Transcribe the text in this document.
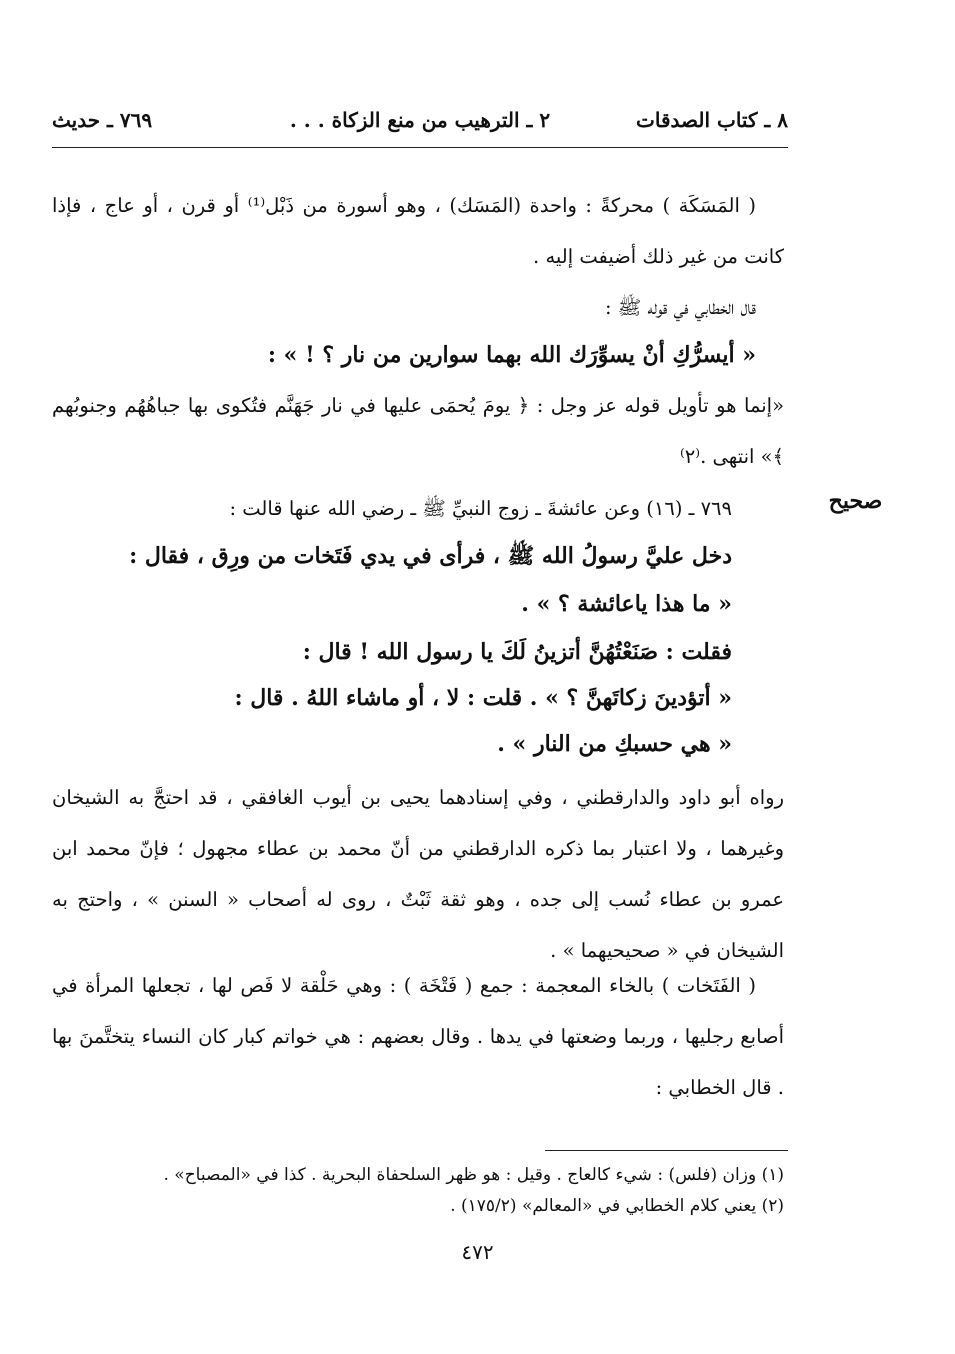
٨ ـ كتاب الصدقات
٢ ـ الترهيب من منع الزكاة . . .
٧٦٩ ـ حديث
( المَسَكَة ) محركةً : واحدة (المَسَك) ، وهو أسورة من ذَبْل⁽¹⁾ أو قرن ، أو عاج ، فإذا كانت من غير ذلك أضيفت إليه .
قال الخطابي في قوله ﷺ :
« أيسرُّكِ أنْ يسوِّرَك الله بهما سوارين من نار ؟ ! » :
«إنما هو تأويل قوله عز وجل : ﴿ يومَ يُحمَى عليها في نار جَهَنَّم فتُكوى بها جباهُهُم وجنوبُهم ﴾» انتهى .⁽٢⁾
صحيح
٧٦٩ ـ (١٦) وعن عائشةَ ـ زوج النبيِّ ﷺ ـ رضي الله عنها قالت :
دخل عليَّ رسولُ الله ﷺ ، فرأى في يدي فَتَخات من ورِق ، فقال :
« ما هذا ياعائشة ؟ » .
فقلت : صَنَعْتُهُنَّ أتزينُ لَكَ يا رسول الله ! قال :
« أتؤدينَ زكاتَهنَّ ؟ » . قلت : لا ، أو ماشاء اللهُ . قال :
« هي حسبكِ من النار » .
رواه أبو داود والدارقطني ، وفي إسنادهما يحيى بن أيوب الغافقي ، قد احتجَّ به الشيخان وغيرهما ، ولا اعتبار بما ذكره الدارقطني من أنّ محمد بن عطاء مجهول ؛ فإنّ محمد ابن عمرو بن عطاء نُسب إلى جده ، وهو ثقة ثَبْتٌ ، روى له أصحاب « السنن » ، واحتج به الشيخان في « صحيحيهما » .
( الفَتَخات ) بالخاء المعجمة : جمع ( فَتْخَة ) : وهي حَلْقة لا فَص لها ، تجعلها المرأة في أصابع رجليها ، وربما وضعتها في يدها . وقال بعضهم : هي خواتم كبار كان النساء يتختَّمنَ بها . قال الخطابي :
(١) وزان (فلس) : شيء كالعاج . وقيل : هو ظهر السلحفاة البحرية . كذا في «المصباح» .
(٢) يعني كلام الخطابي في «المعالم» (١٧٥/٢) .
٤٧٢
